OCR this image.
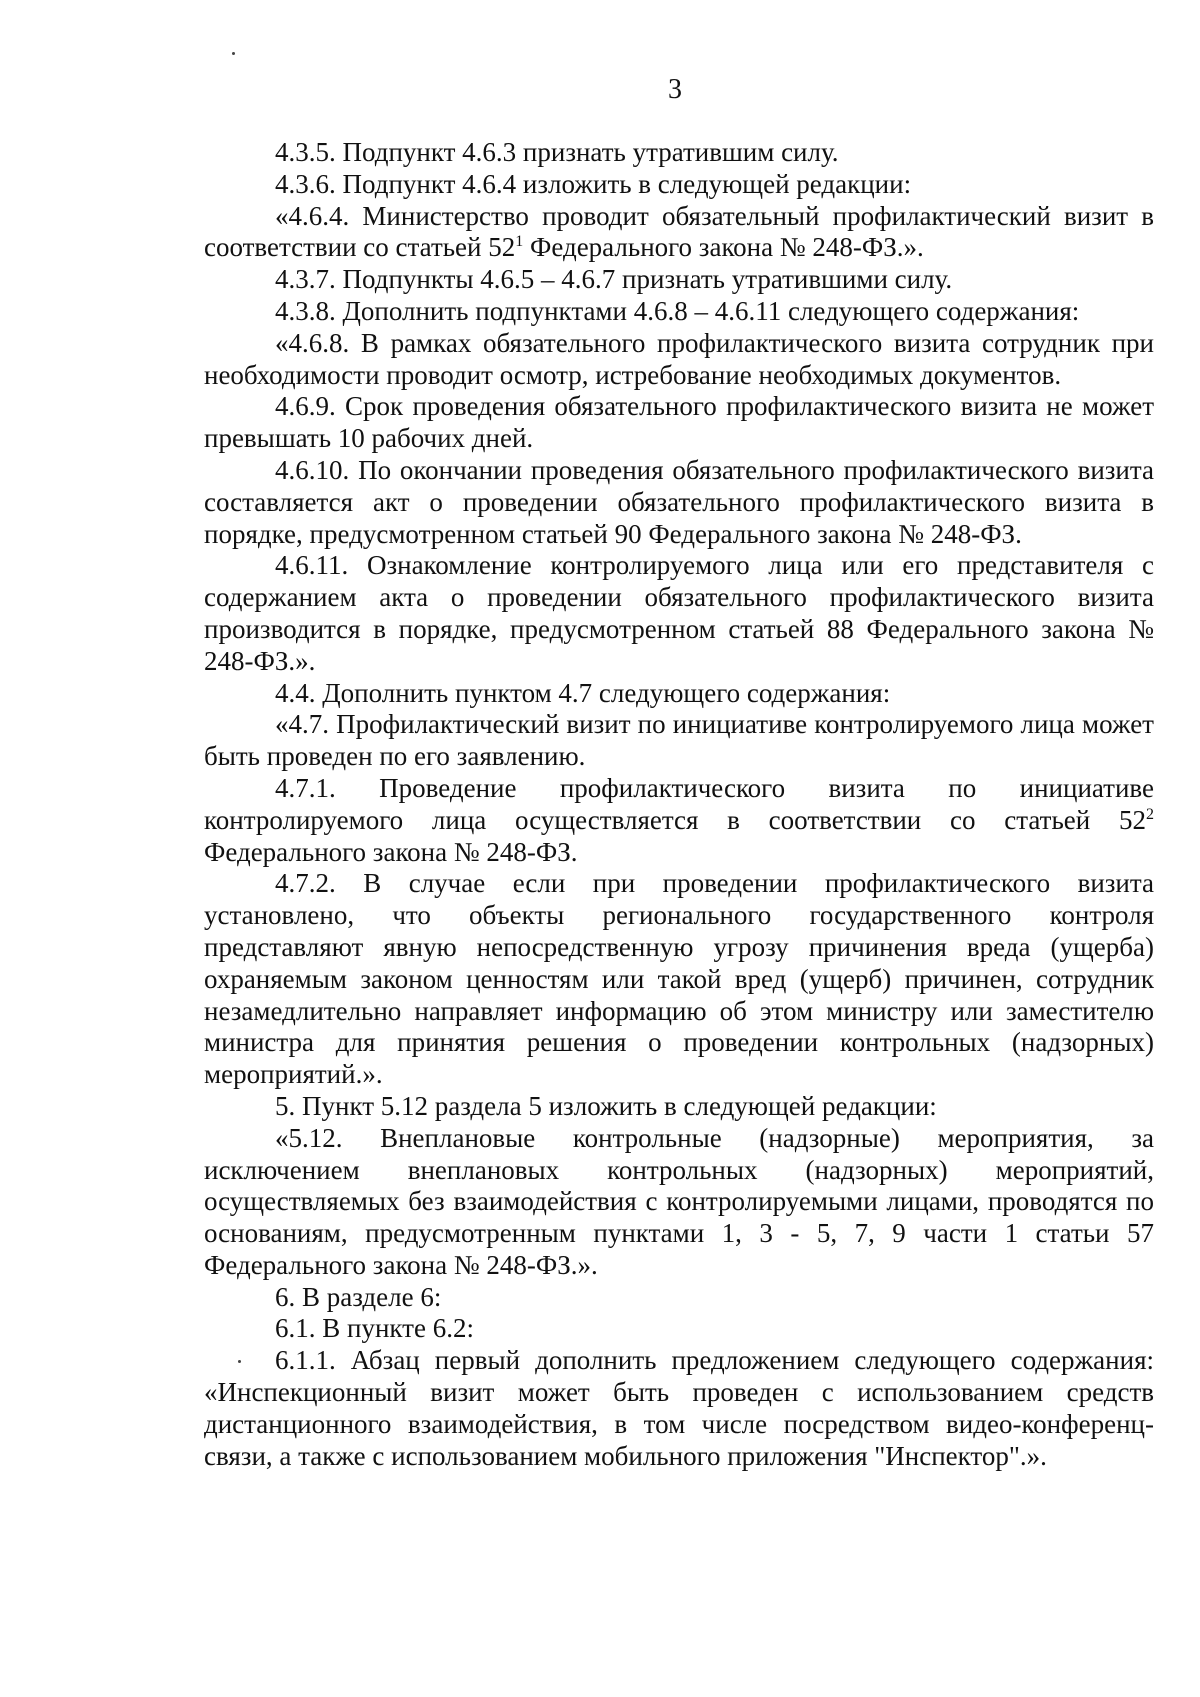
3

4.3.5. Подпункт 4.6.3 признать утратившим силу.

4.3.6. Подпункт 4.6.4 изложить в следующей редакции:

«4.6.4. Министерство проводит обязательный профилактический визит в соответствии со статьей $52^1$ Федерального закона № 248-ФЗ.».

4.3.7. Подпункты 4.6.5 – 4.6.7 признать утратившими силу.

4.3.8. Дополнить подпунктами 4.6.8 – 4.6.11 следующего содержания:

«4.6.8. В рамках обязательного профилактического визита сотрудник при необходимости проводит осмотр, истребование необходимых документов.

4.6.9. Срок проведения обязательного профилактического визита не может превышать 10 рабочих дней.

4.6.10. По окончании проведения обязательного профилактического визита составляется акт о проведении обязательного профилактического визита в порядке, предусмотренном статьей 90 Федерального закона № 248-ФЗ.

4.6.11. Ознакомление контролируемого лица или его представителя с содержанием акта о проведении обязательного профилактического визита производится в порядке, предусмотренном статьей 88 Федерального закона № 248-ФЗ.».

4.4. Дополнить пунктом 4.7 следующего содержания:

«4.7. Профилактический визит по инициативе контролируемого лица может быть проведен по его заявлению.

4.7.1. Проведение профилактического визита по инициативе контролируемого лица осуществляется в соответствии со статьей $52^2$ Федерального закона № 248-ФЗ.

4.7.2. В случае если при проведении профилактического визита установлено, что объекты регионального государственного контроля представляют явную непосредственную угрозу причинения вреда (ущерба) охраняемым законом ценностям или такой вред (ущерб) причинен, сотрудник незамедлительно направляет информацию об этом министру или заместителю министра для принятия решения о проведении контрольных (надзорных) мероприятий.».

5. Пункт 5.12 раздела 5 изложить в следующей редакции:

«5.12. Внеплановые контрольные (надзорные) мероприятия, за исключением внеплановых контрольных (надзорных) мероприятий, осуществляемых без взаимодействия с контролируемыми лицами, проводятся по основаниям, предусмотренным пунктами 1, 3 - 5, 7, 9 части 1 статьи 57 Федерального закона № 248-ФЗ.».

6. В разделе 6:

6.1. В пункте 6.2:

6.1.1. Абзац первый дополнить предложением следующего содержания: «Инспекционный визит может быть проведен с использованием средств дистанционного взаимодействия, в том числе посредством видео-конференц-связи, а также с использованием мобильного приложения "Инспектор".».
